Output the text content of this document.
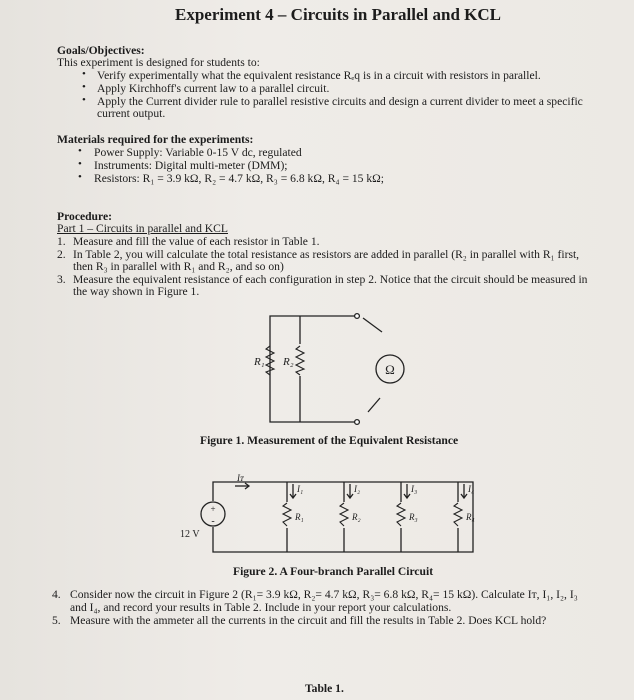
Experiment 4 – Circuits in Parallel and KCL
Goals/Objectives:
This experiment is designed for students to:
• Verify experimentally what the equivalent resistance Rₑq is in a circuit with resistors in parallel.
• Apply Kirchhoff's current law to a parallel circuit.
• Apply the Current divider rule to parallel resistive circuits and design a current divider to meet a specific
current output.
Materials required for the experiments:
• Power Supply: Variable 0-15 V dc, regulated
• Instruments: Digital multi-meter (DMM);
• Resistors: R₁ = 3.9 kΩ, R₂ = 4.7 kΩ, R₃ = 6.8 kΩ, R₄ = 15 kΩ;
Procedure:
Part 1 – Circuits in parallel and KCL
1. Measure and fill the value of each resistor in Table 1.
2. In Table 2, you will calculate the total resistance as resistors are added in parallel (R₂ in parallel with R₁ first,
then R₃ in parallel with R₁ and R₂, and so on)
3. Measure the equivalent resistance of each configuration in step 2. Notice that the circuit should be measured in
the way shown in Figure 1.
R₁ R₂	Ω
Figure 1. Measurement of the Equivalent Resistance
+
-
12 V
Iᴛ
I₁	I₂	I₃	I₄
R₁	R₂	R₃	R₄
Figure 2. A Four-branch Parallel Circuit
4. Consider now the circuit in Figure 2 (R₁= 3.9 kΩ, R₂= 4.7 kΩ, R₃= 6.8 kΩ, R₄= 15 kΩ). Calculate Iᴛ, I₁, I₂, I₃
and I₄, and record your results in Table 2. Include in your report your calculations.
5. Measure with the ammeter all the currents in the circuit and fill the results in Table 2. Does KCL hold?
Table 1.
